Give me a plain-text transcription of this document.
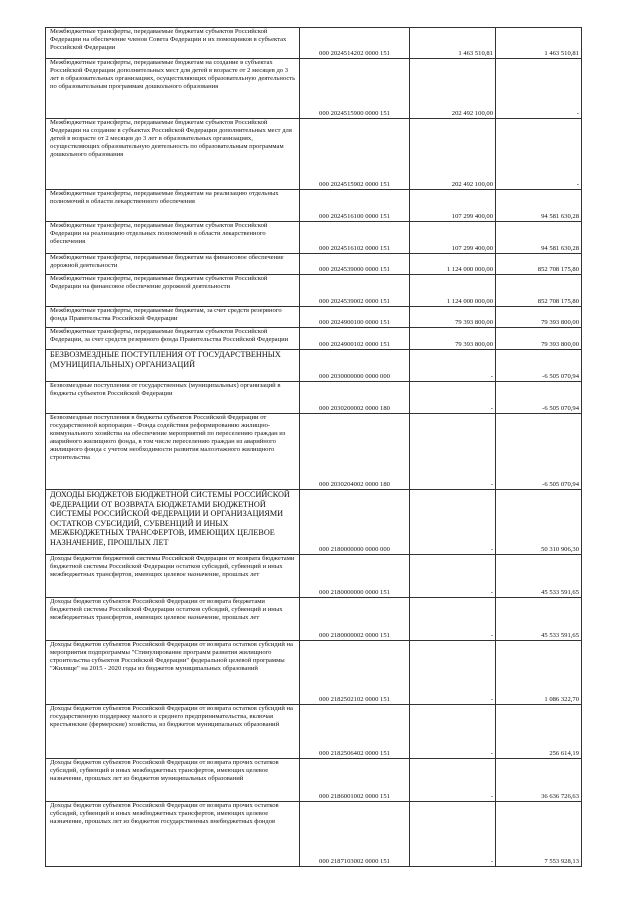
Межбюджетные трансферты, передаваемые бюджетам субъектов Российской Федерации на обеспечение членов Совета Федерации и их помощников в субъектах Российской Федерации	000 2024514202 0000 151	1 463 510,81	1 463 510,81
Межбюджетные трансферты, передаваемые бюджетам на создание в субъектах Российской Федерации дополнительных мест для детей в возрасте от 2 месяцев до 3 лет в образовательных организациях, осуществляющих образовательную деятельность по образовательным программам дошкольного образования	000 2024515900 0000 151	202 492 100,00	-
Межбюджетные трансферты, передаваемые бюджетам субъектов Российской Федерации на создание в субъектах Российской Федерации дополнительных мест для детей в возрасте от 2 месяцев до 3 лет в образовательных организациях, осуществляющих образовательную деятельность по образовательным программам дошкольного образования	000 2024515902 0000 151	202 492 100,00	-
Межбюджетные трансферты, передаваемые бюджетам на реализацию отдельных полномочий в области лекарственного обеспечения	000 2024516100 0000 151	107 299 400,00	94 581 630,28
Межбюджетные трансферты, передаваемые бюджетам субъектов Российской Федерации на реализацию отдельных полномочий в области лекарственного обеспечения	000 2024516102 0000 151	107 299 400,00	94 581 630,28
Межбюджетные трансферты, передаваемые бюджетам на финансовое обеспечение дорожной деятельности	000 2024539000 0000 151	1 124 000 000,00	852 708 175,80
Межбюджетные трансферты, передаваемые бюджетам субъектов Российской Федерации на финансовое обеспечение дорожной деятельности	000 2024539002 0000 151	1 124 000 000,00	852 708 175,80
Межбюджетные трансферты, передаваемые бюджетам, за счет средств резервного фонда Правительства Российской Федерации	000 2024900100 0000 151	79 393 800,00	79 393 800,00
Межбюджетные трансферты, передаваемые бюджетам субъектов Российской Федерации, за счет средств резервного фонда Правительства Российской Федерации	000 2024900102 0000 151	79 393 800,00	79 393 800,00
БЕЗВОЗМЕЗДНЫЕ ПОСТУПЛЕНИЯ ОТ ГОСУДАРСТВЕННЫХ (МУНИЦИПАЛЬНЫХ) ОРГАНИЗАЦИЙ	000 2030000000 0000 000	-	-6 505 070,94
Безвозмездные поступления от государственных (муниципальных) организаций в бюджеты субъектов Российской Федерации	000 2030200002 0000 180	-	-6 505 070,94
Безвозмездные поступления в бюджеты субъектов Российской Федерации от государственной корпорации - Фонда содействия реформированию жилищно-коммунального хозяйства на обеспечение мероприятий по переселению граждан из аварийного жилищного фонда, в том числе переселению граждан из аварийного жилищного фонда с учетом необходимости развития малоэтажного жилищного строительства	000 2030204002 0000 180	-	-6 505 070,94
ДОХОДЫ БЮДЖЕТОВ БЮДЖЕТНОЙ СИСТЕМЫ РОССИЙСКОЙ ФЕДЕРАЦИИ ОТ ВОЗВРАТА БЮДЖЕТАМИ БЮДЖЕТНОЙ СИСТЕМЫ РОССИЙСКОЙ ФЕДЕРАЦИИ И ОРГАНИЗАЦИЯМИ ОСТАТКОВ СУБСИДИЙ, СУБВЕНЦИЙ И ИНЫХ МЕЖБЮДЖЕТНЫХ ТРАНСФЕРТОВ, ИМЕЮЩИХ ЦЕЛЕВОЕ НАЗНАЧЕНИЕ, ПРОШЛЫХ ЛЕТ	000 2180000000 0000 000	-	50 310 906,30
Доходы бюджетов бюджетной системы Российской Федерации от возврата бюджетами бюджетной системы Российской Федерации остатков субсидий, субвенций и иных межбюджетных трансфертов, имеющих целевое назначение, прошлых лет	000 2180000000 0000 151	-	45 533 591,65
Доходы бюджетов субъектов Российской Федерации от возврата бюджетами бюджетной системы Российской Федерации остатков субсидий, субвенций и иных межбюджетных трансфертов, имеющих целевое назначение, прошлых лет	000 2180000002 0000 151	-	45 533 591,65
Доходы бюджетов субъектов Российской Федерации от возврата остатков субсидий на мероприятия подпрограммы "Стимулирование программ развития жилищного строительства субъектов Российской Федерации" федеральной целевой программы "Жилище" на 2015 - 2020 годы из бюджетов муниципальных образований	000 2182502102 0000 151	-	1 086 322,70
Доходы бюджетов субъектов Российской Федерации от возврата остатков субсидий на государственную поддержку малого и среднего предпринимательства, включая крестьянские (фермерские) хозяйства, из бюджетов муниципальных образований	000 2182506402 0000 151	-	256 614,19
Доходы бюджетов субъектов Российской Федерации от возврата прочих остатков субсидий, субвенций и иных межбюджетных трансфертов, имеющих целевое назначение, прошлых лет из бюджетов муниципальных образований	000 2186001002 0000 151	-	36 636 726,63
Доходы бюджетов субъектов Российской Федерации от возврата прочих остатков субсидий, субвенций и иных межбюджетных трансфертов, имеющих целевое назначение, прошлых лет из бюджетов государственных внебюджетных фондов	000 2187103002 0000 151	-	7 553 928,13
